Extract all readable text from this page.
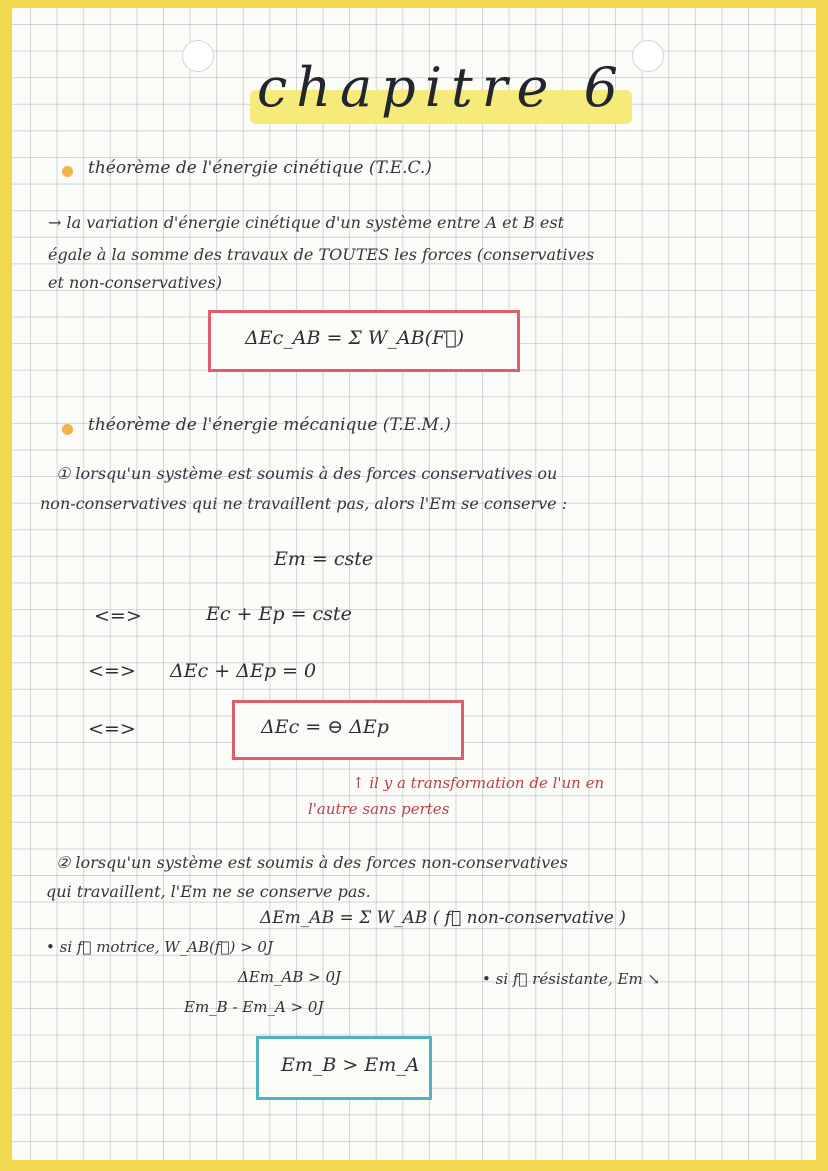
chapitre 6
théorème de l'énergie cinétique (T.E.C.)
→ la variation d'énergie cinétique d'un système entre A et B est
égale à la somme des travaux de TOUTES les forces (conservatives
et non-conservatives)
ΔEc_AB = Σ W_AB(F⃗)
théorème de l'énergie mécanique (T.E.M.)
① lorsqu'un système est soumis à des forces conservatives ou
non-conservatives qui ne travaillent pas, alors l'Em se conserve :
Em = cste
<=>	Ec + Ep = cste
<=> ΔEc + ΔEp = 0
<=>	ΔEc = ⊖ ΔEp
↑ il y a transformation de l'un en
l'autre sans pertes
② lorsqu'un système est soumis à des forces non-conservatives
qui travaillent, l'Em ne se conserve pas.
ΔEm_AB = Σ W_AB ( f⃗ non-conservative )
• si f⃗ motrice, W_AB(f⃗) > 0J
• si f⃗ résistante, Em ↘
ΔEm_AB > 0J
Em_B - Em_A > 0J
Em_B > Em_A
